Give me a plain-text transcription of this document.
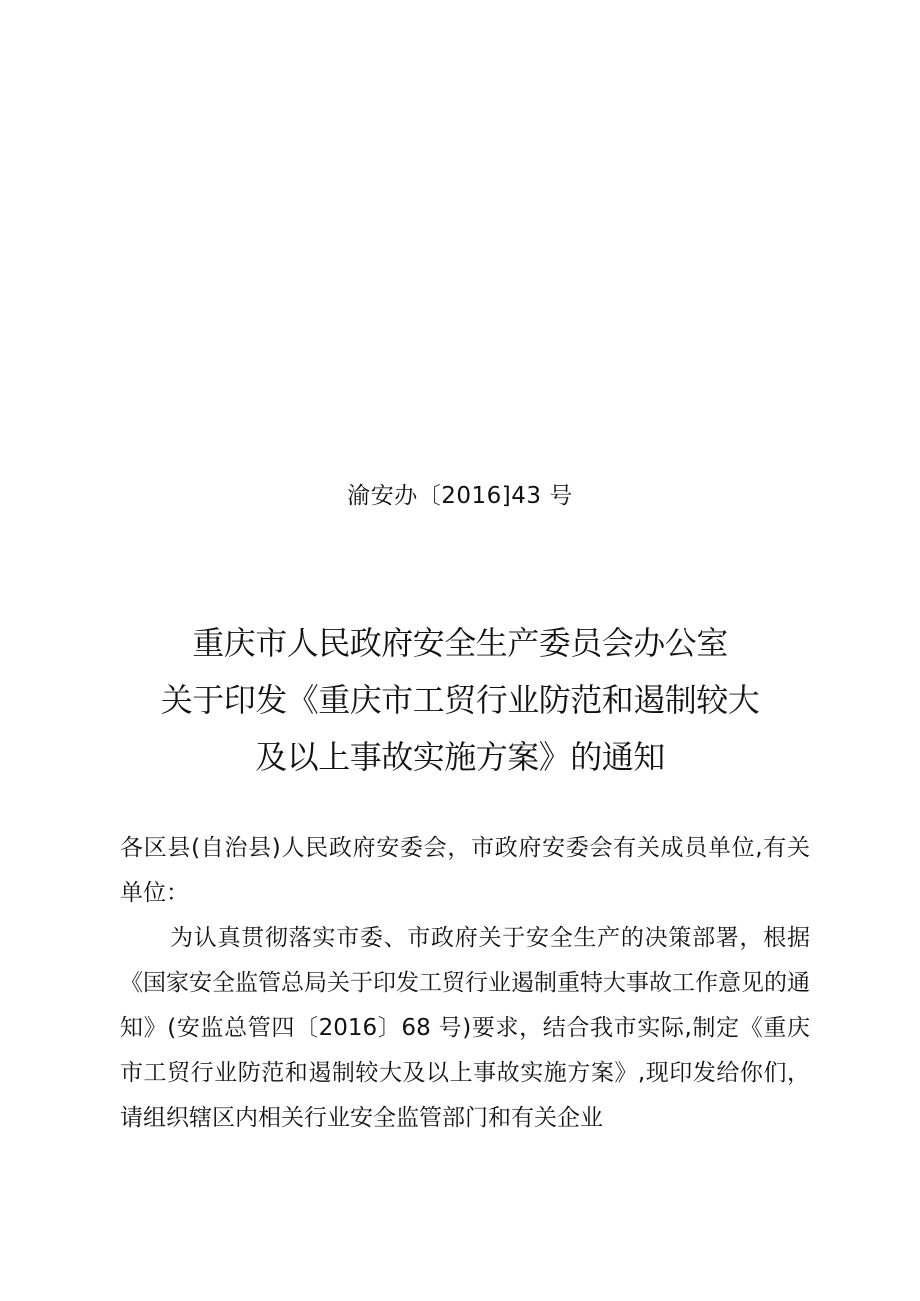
渝安办〔2016]43 号
重庆市人民政府安全生产委员会办公室
关于印发《重庆市工贸行业防范和遏制较大
及以上事故实施方案》的通知

各区县(自治县)人民政府安委会，市政府安委会有关成员单位,有关单位：

为认真贯彻落实市委、市政府关于安全生产的决策部署，根据《国家安全监管总局关于印发工贸行业遏制重特大事故工作意见的通知》(安监总管四〔2016〕68 号)要求，结合我市实际,制定《重庆市工贸行业防范和遏制较大及以上事故实施方案》,现印发给你们，请组织辖区内相关行业安全监管部门和有关企业
